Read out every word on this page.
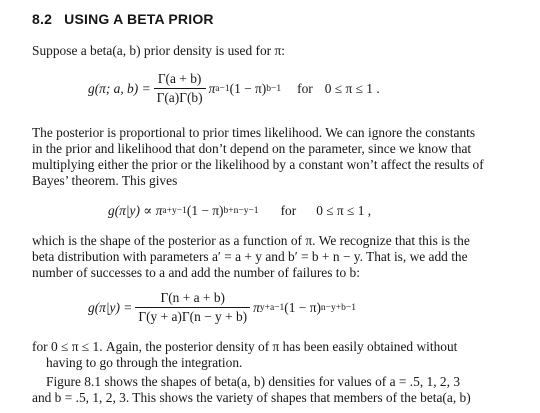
8.2 USING A BETA PRIOR
Suppose a beta(a, b) prior density is used for π:
g(π; a, $b) = \frac{\Gamma(a + b)}{\Gamma(a)\Gamma(b)}$ π a−1 (1 − π) b−1 for 0 ≤ π ≤ 1 .
The posterior is proportional to prior times likelihood. We can ignore the constants
in the prior and likelihood that don’t depend on the parameter, since we know that
multiplying either the prior or the likelihood by a constant won’t affect the results of
Bayes’ theorem. This gives
g(π|y) ∝ π a+y−1 (1 − π) b+n−y−1 for 0 ≤ π ≤ 1 ,
which is the shape of the posterior as a function of π. We recognize that this is the
beta distribution with parameters a′ = a + y and b′ = b + n − y. That is, we add the
number of successes to a and add the number of failures to b:
$g(\pi|y) = \frac{\Gamma(n + a + b)}{\Gamma(y + a)\Gamma(n - y + b)}$ π y+a−1 (1 − π) n−y+b−1
for 0 ≤ π ≤ 1. Again, the posterior density of π has been easily obtained without
having to go through the integration.
Figure 8.1 shows the shapes of beta(a, b) densities for values of a = .5, 1, 2, 3
and b = .5, 1, 2, 3. This shows the variety of shapes that members of the beta(a, b)
